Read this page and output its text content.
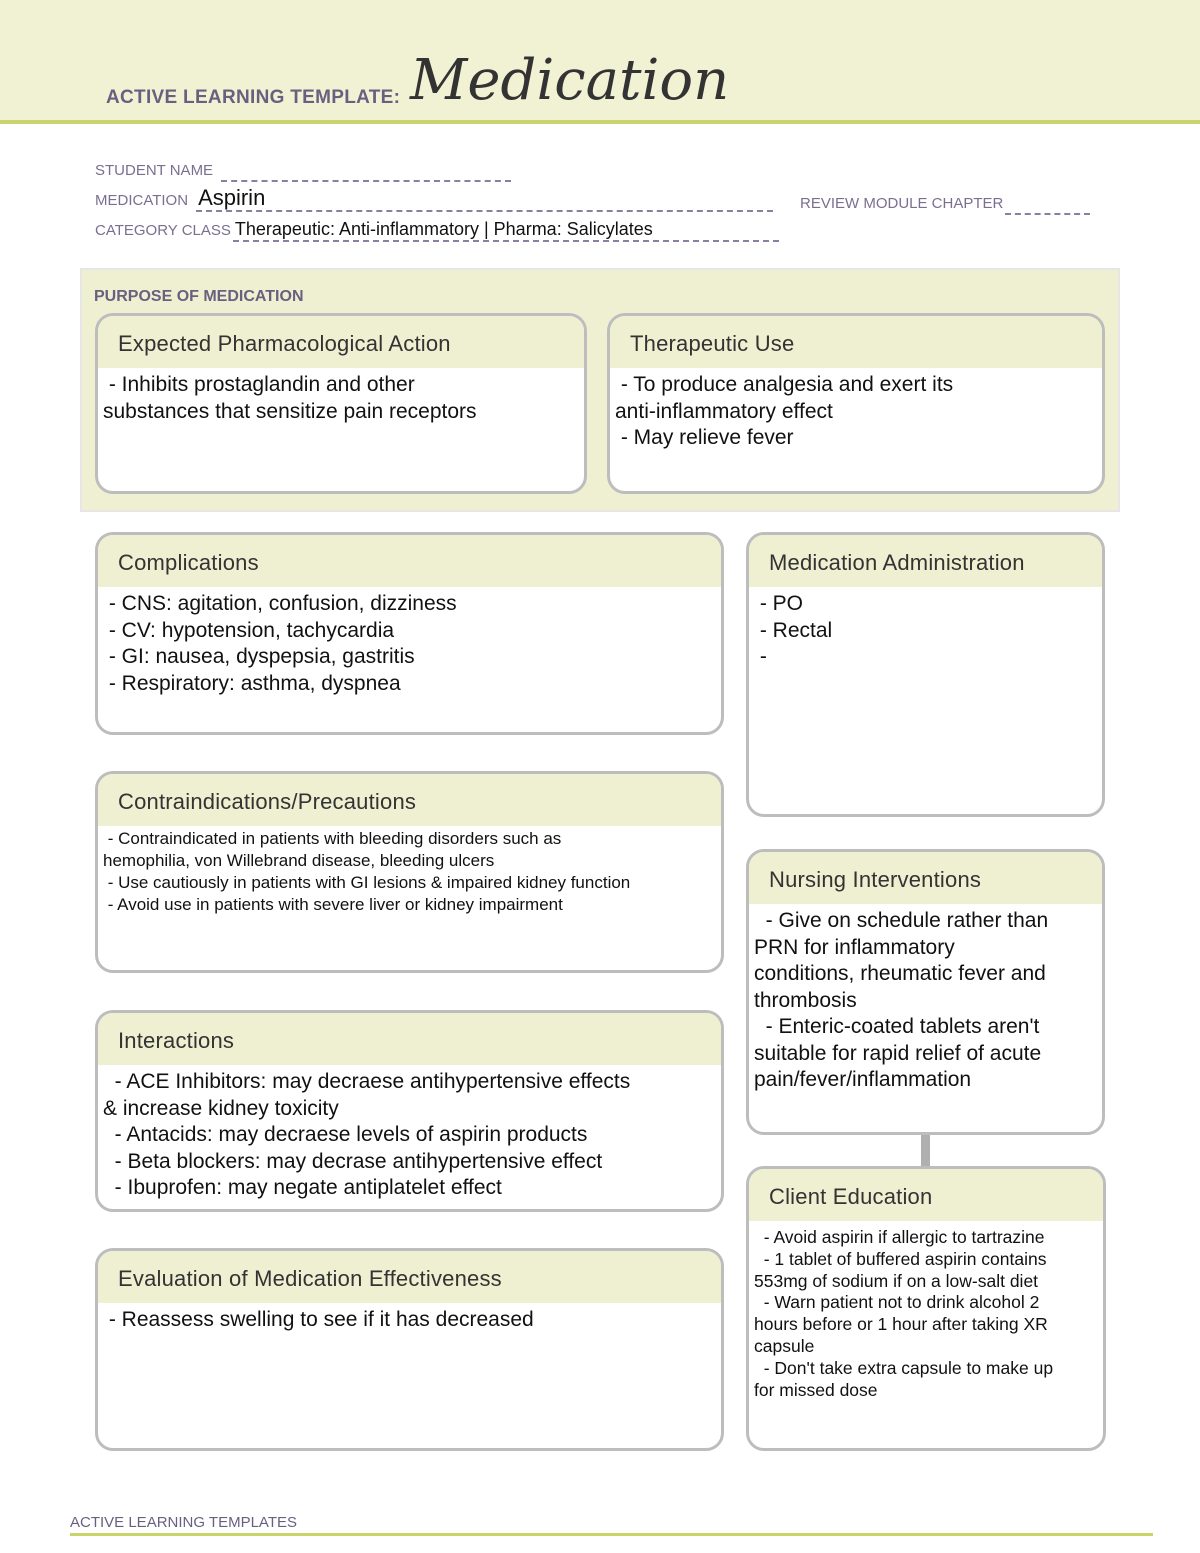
ACTIVE LEARNING TEMPLATE: Medication
STUDENT NAME
MEDICATION Aspirin	REVIEW MODULE CHAPTER
CATEGORY CLASS Therapeutic: Anti-inflammatory | Pharma: Salicylates
PURPOSE OF MEDICATION
Expected Pharmacological Action
- Inhibits prostaglandin and other
substances that sensitize pain receptors
Therapeutic Use
- To produce analgesia and exert its
anti-inflammatory effect
- May relieve fever
Complications
- CNS: agitation, confusion, dizziness
- CV: hypotension, tachycardia
- GI: nausea, dyspepsia, gastritis
- Respiratory: asthma, dyspnea
Medication Administration
- PO
- Rectal
-
Contraindications/Precautions
- Contraindicated in patients with bleeding disorders such as
hemophilia, von Willebrand disease, bleeding ulcers
- Use cautiously in patients with GI lesions & impaired kidney function
- Avoid use in patients with severe liver or kidney impairment
Nursing Interventions
- Give on schedule rather than
PRN for inflammatory
conditions, rheumatic fever and
thrombosis
- Enteric-coated tablets aren't
suitable for rapid relief of acute
pain/fever/inflammation
Interactions
- ACE Inhibitors: may decraese antihypertensive effects
& increase kidney toxicity
- Antacids: may decraese levels of aspirin products
- Beta blockers: may decrase antihypertensive effect
- Ibuprofen: may negate antiplatelet effect	Client Education
- Avoid aspirin if allergic to tartrazine
- 1 tablet of buffered aspirin contains
553mg of sodium if on a low-salt diet
- Warn patient not to drink alcohol 2
hours before or 1 hour after taking XR
capsule
- Don't take extra capsule to make up
for missed dose
Evaluation of Medication Effectiveness
- Reassess swelling to see if it has decreased
ACTIVE LEARNING TEMPLATES
